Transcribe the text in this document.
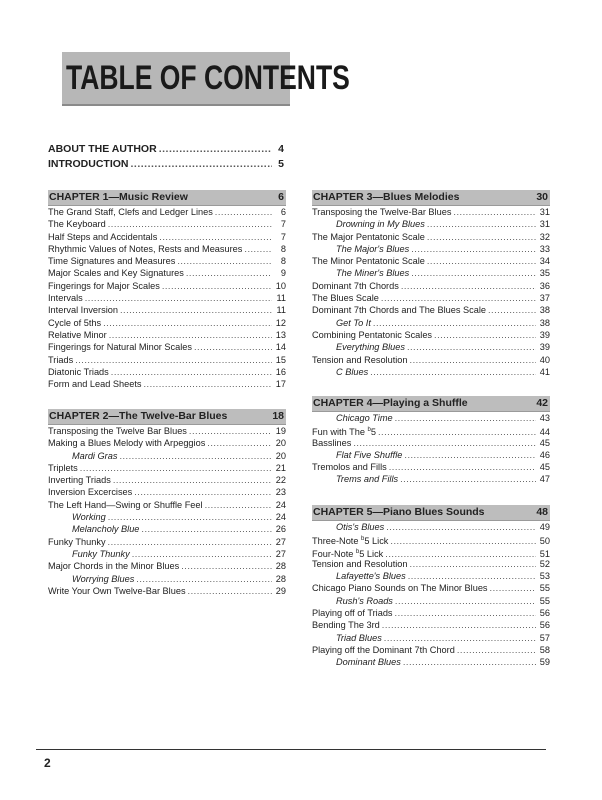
TABLE OF CONTENTS
ABOUT THE AUTHOR .....	4
INTRODUCTION .....	5
CHAPTER 1—Music Review	6
The Grand Staff, Clefs and Ledger Lines .....	6
The Keyboard .....	7
Half Steps and Accidentals .....	7
Rhythmic Values of Notes, Rests and Measures .....	8
Time Signatures and Measures .....	8
Major Scales and Key Signatures .....	9
Fingerings for Major Scales .....	10
Intervals .....	11
Interval Inversion .....	11
Cycle of 5ths .....	12
Relative Minor .....	13
Fingerings for Natural Minor Scales .....	14
Triads .....	15
Diatonic Triads .....	16
Form and Lead Sheets .....	17
CHAPTER 2—The Twelve-Bar Blues	18
Transposing the Twelve Bar Blues .....	19
Making a Blues Melody with Arpeggios .....	20
Mardi Gras .....	20
Triplets .....	21
Inverting Triads .....	22
Inversion Excercises .....	23
The Left Hand—Swing or Shuffle Feel .....	24
Working .....	24
Melancholy Blue .....	26
Funky Thunky .....	27
Funky Thunky .....	27
Major Chords in the Minor Blues .....	28
Worrying Blues .....	28
Write Your Own Twelve-Bar Blues .....	29
CHAPTER 3—Blues Melodies	30
Transposing the Twelve-Bar Blues .....	31
Drowning in My Blues .....	31
The Major Pentatonic Scale .....	32
The Major's Blues .....	33
The Minor Pentatonic Scale .....	34
The Miner's Blues .....	35
Dominant 7th Chords .....	36
The Blues Scale .....	37
Dominant 7th Chords and The Blues Scale .....	38
Get To It .....	38
Combining Pentatonic Scales .....	39
Everything Blues .....	39
Tension and Resolution .....	40
C Blues .....	41
CHAPTER 4—Playing a Shuffle	42
Chicago Time .....	43
Fun with The $^b$5 .....	44
Basslines .....	45
Flat Five Shuffle .....	46
Tremolos and Fills .....	45
Trems and Fills .....	47
CHAPTER 5—Piano Blues Sounds	48
Otis's Blues .....	49
Three-Note $^b$5 Lick .....	50
Four-Note $^b$5 Lick .....	51
Tension and Resolution .....	52
Lafayette's Blues .....	53
Chicago Piano Sounds on The Minor Blues .....	55
Rush's Roads .....	55
Playing off of Triads .....	56
Bending The 3rd .....	56
Triad Blues .....	57
Playing off the Dominant 7th Chord .....	58
Dominant Blues .....	59
2
